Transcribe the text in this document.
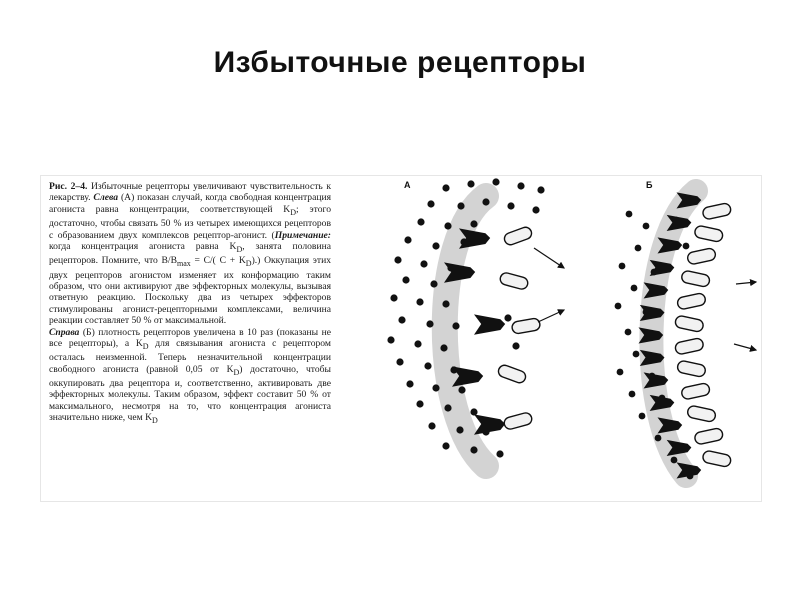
Избыточные рецепторы

Рис. 2–4. Избыточные рецепторы увеличивают чувствительность к лекарству. Слева (А) показан случай, когда свободная концентрация агониста равна концентрации, соответствующей $K_D$; этого достаточно, чтобы связать 50 % из четырех имеющихся рецепторов с образованием двух комплексов рецептор-агонист. (Примечание: когда концентрация агониста равна $K_D$, занята половина рецепторов. Помните, что $B/B_{max} = C/$( $C + K_D$).) Оккупация этих двух рецепторов агонистом изменяет их конформацию таким образом, что они активируют две эффекторных молекулы, вызывая ответную реакцию. Поскольку два из четырех эффекторов стимулированы агонист-рецепторными комплексами, величина реакции составляет 50 % от максимальной.

Справа (Б) плотность рецепторов увеличена в 10 раз (показаны не все рецепторы), а $K_D$ для связывания агониста с рецептором осталась неизменной. Теперь незначительной концентрации свободного агониста (равной 0,05 от $K_D$) достаточно, чтобы оккупировать два рецептора и, соответственно, активировать две эффекторных молекулы. Таким образом, эффект составит 50 % от максимального, несмотря на то, что концентрация агониста значительно ниже, чем $K_D$

А	Б
